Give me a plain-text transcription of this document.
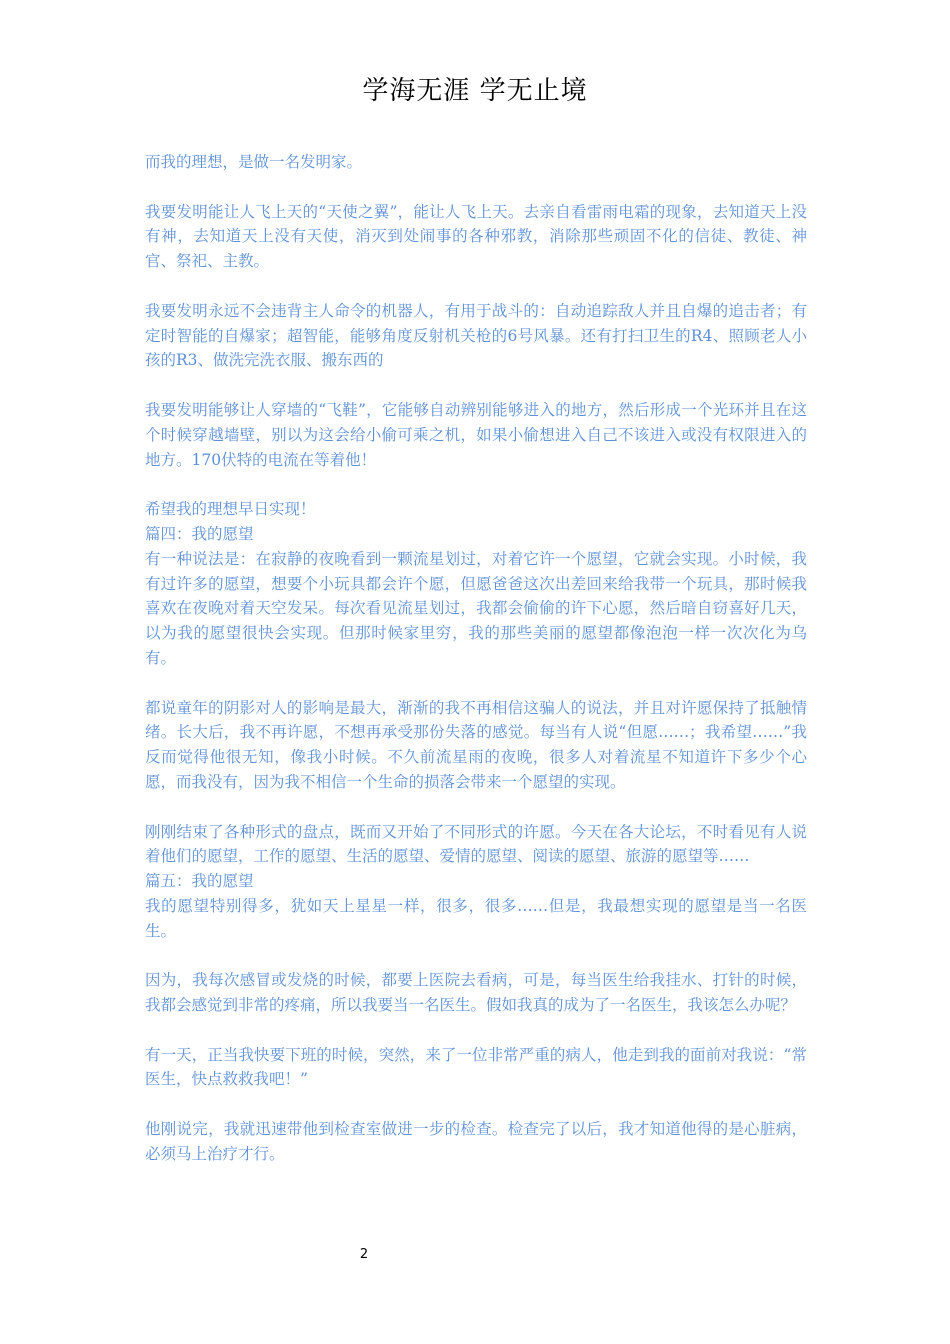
学海无涯 学无止境

而我的理想，是做一名发明家。

我要发明能让人飞上天的“天使之翼”，能让人飞上天。去亲自看雷雨电霜的现象，去知道天上没有神，去知道天上没有天使，消灭到处闹事的各种邪教，消除那些顽固不化的信徒、教徒、神官、祭祀、主教。

我要发明永远不会违背主人命令的机器人，有用于战斗的：自动追踪敌人并且自爆的追击者；有定时智能的自爆家；超智能，能够角度反射机关枪的6号风暴。还有打扫卫生的R4、照顾老人小孩的R3、做洗完洗衣服、搬东西的

我要发明能够让人穿墙的“飞鞋”，它能够自动辨别能够进入的地方，然后形成一个光环并且在这个时候穿越墙壁，别以为这会给小偷可乘之机，如果小偷想进入自己不该进入或没有权限进入的地方。170伏特的电流在等着他！

希望我的理想早日实现！

篇四：我的愿望

有一种说法是：在寂静的夜晚看到一颗流星划过，对着它许一个愿望，它就会实现。小时候，我有过许多的愿望，想要个小玩具都会许个愿，但愿爸爸这次出差回来给我带一个玩具，那时候我喜欢在夜晚对着天空发呆。每次看见流星划过，我都会偷偷的许下心愿，然后暗自窃喜好几天，以为我的愿望很快会实现。但那时候家里穷，我的那些美丽的愿望都像泡泡一样一次次化为乌有。

都说童年的阴影对人的影响是最大，渐渐的我不再相信这骗人的说法，并且对许愿保持了抵触情绪。长大后，我不再许愿，不想再承受那份失落的感觉。每当有人说“但愿……；我希望……”我反而觉得他很无知，像我小时候。不久前流星雨的夜晚，很多人对着流星不知道许下多少个心愿，而我没有，因为我不相信一个生命的损落会带来一个愿望的实现。

刚刚结束了各种形式的盘点，既而又开始了不同形式的许愿。今天在各大论坛，不时看见有人说着他们的愿望，工作的愿望、生活的愿望、爱情的愿望、阅读的愿望、旅游的愿望等……

篇五：我的愿望

我的愿望特别得多，犹如天上星星一样，很多，很多……但是，我最想实现的愿望是当一名医生。

因为，我每次感冒或发烧的时候，都要上医院去看病，可是，每当医生给我挂水、打针的时候，我都会感觉到非常的疼痛，所以我要当一名医生。假如我真的成为了一名医生，我该怎么办呢？

有一天，正当我快要下班的时候，突然，来了一位非常严重的病人，他走到我的面前对我说：“常医生，快点救救我吧！”

他刚说完，我就迅速带他到检查室做进一步的检查。检查完了以后，我才知道他得的是心脏病，必须马上治疗才行。

2
